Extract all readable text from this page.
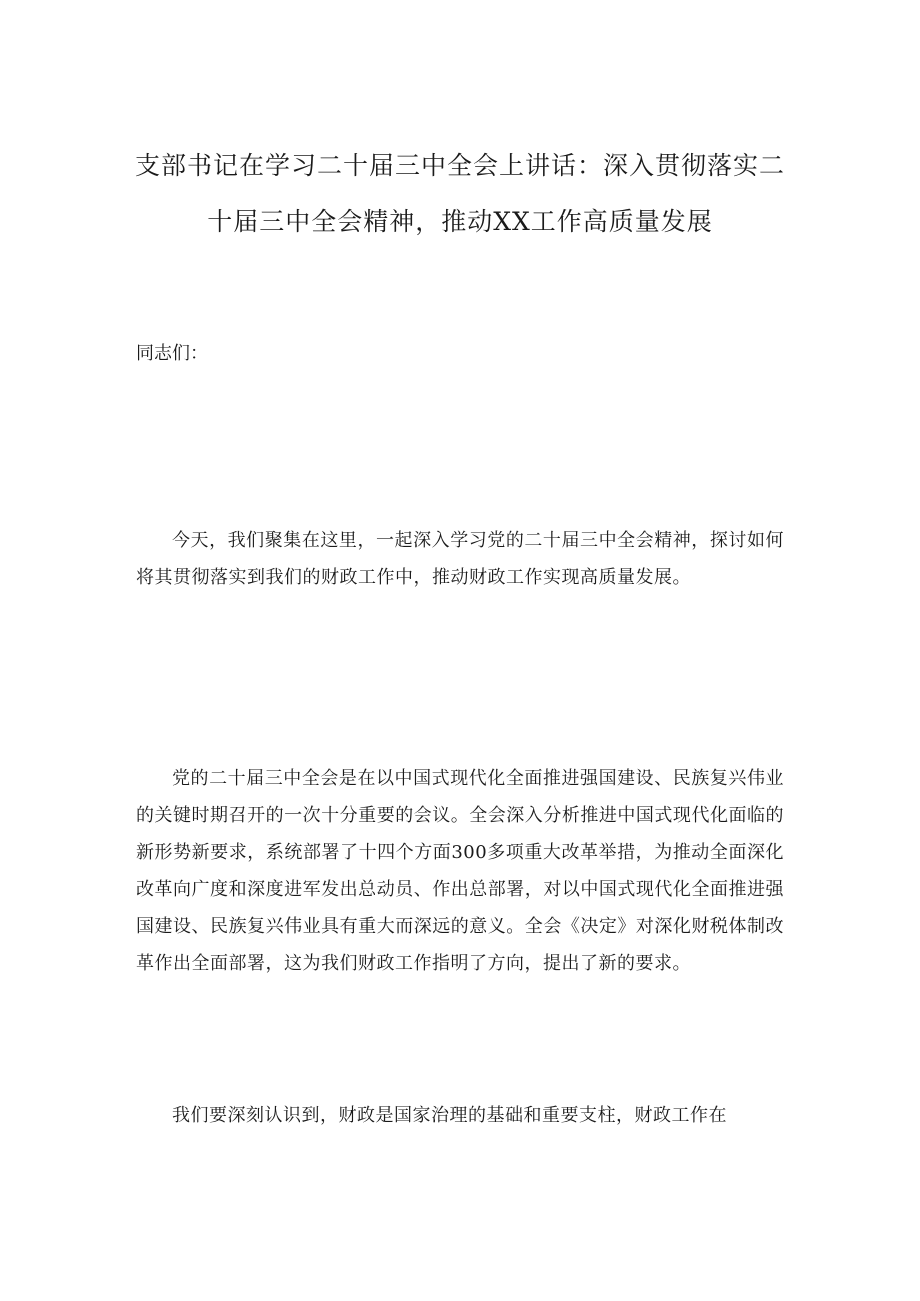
支部书记在学习二十届三中全会上讲话：深入贯彻落实二十届三中全会精神，推动XX工作高质量发展

同志们：

今天，我们聚集在这里，一起深入学习党的二十届三中全会精神，探讨如何将其贯彻落实到我们的财政工作中，推动财政工作实现高质量发展。

党的二十届三中全会是在以中国式现代化全面推进强国建设、民族复兴伟业的关键时期召开的一次十分重要的会议。全会深入分析推进中国式现代化面临的新形势新要求，系统部署了十四个方面300多项重大改革举措，为推动全面深化改革向广度和深度进军发出总动员、作出总部署，对以中国式现代化全面推进强国建设、民族复兴伟业具有重大而深远的意义。全会《决定》对深化财税体制改革作出全面部署，这为我们财政工作指明了方向，提出了新的要求。

我们要深刻认识到，财政是国家治理的基础和重要支柱，财政工作在
